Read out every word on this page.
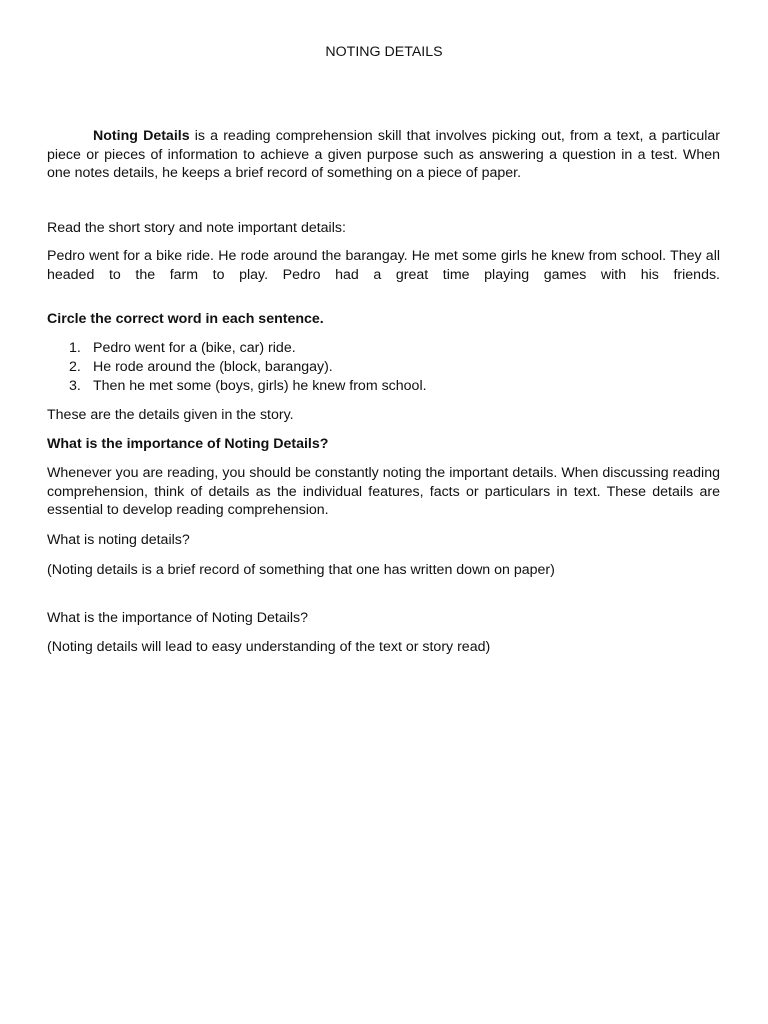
NOTING DETAILS

Noting Details is a reading comprehension skill that involves picking out, from a text, a particular piece or pieces of information to achieve a given purpose such as answering a question in a test. When one notes details, he keeps a brief record of something on a piece of paper.

Read the short story and note important details:

Pedro went for a bike ride. He rode around the barangay. He met some girls he knew from school. They all headed to the farm to play. Pedro had a great time playing games with his friends.

Circle the correct word in each sentence.

1. Pedro went for a (bike, car) ride.
2. He rode around the (block, barangay).
3. Then he met some (boys, girls) he knew from school.

These are the details given in the story.

What is the importance of Noting Details?

Whenever you are reading, you should be constantly noting the important details. When discussing reading comprehension, think of details as the individual features, facts or particulars in text. These details are essential to develop reading comprehension.

What is noting details?

(Noting details is a brief record of something that one has written down on paper)

What is the importance of Noting Details?

(Noting details will lead to easy understanding of the text or story read)
